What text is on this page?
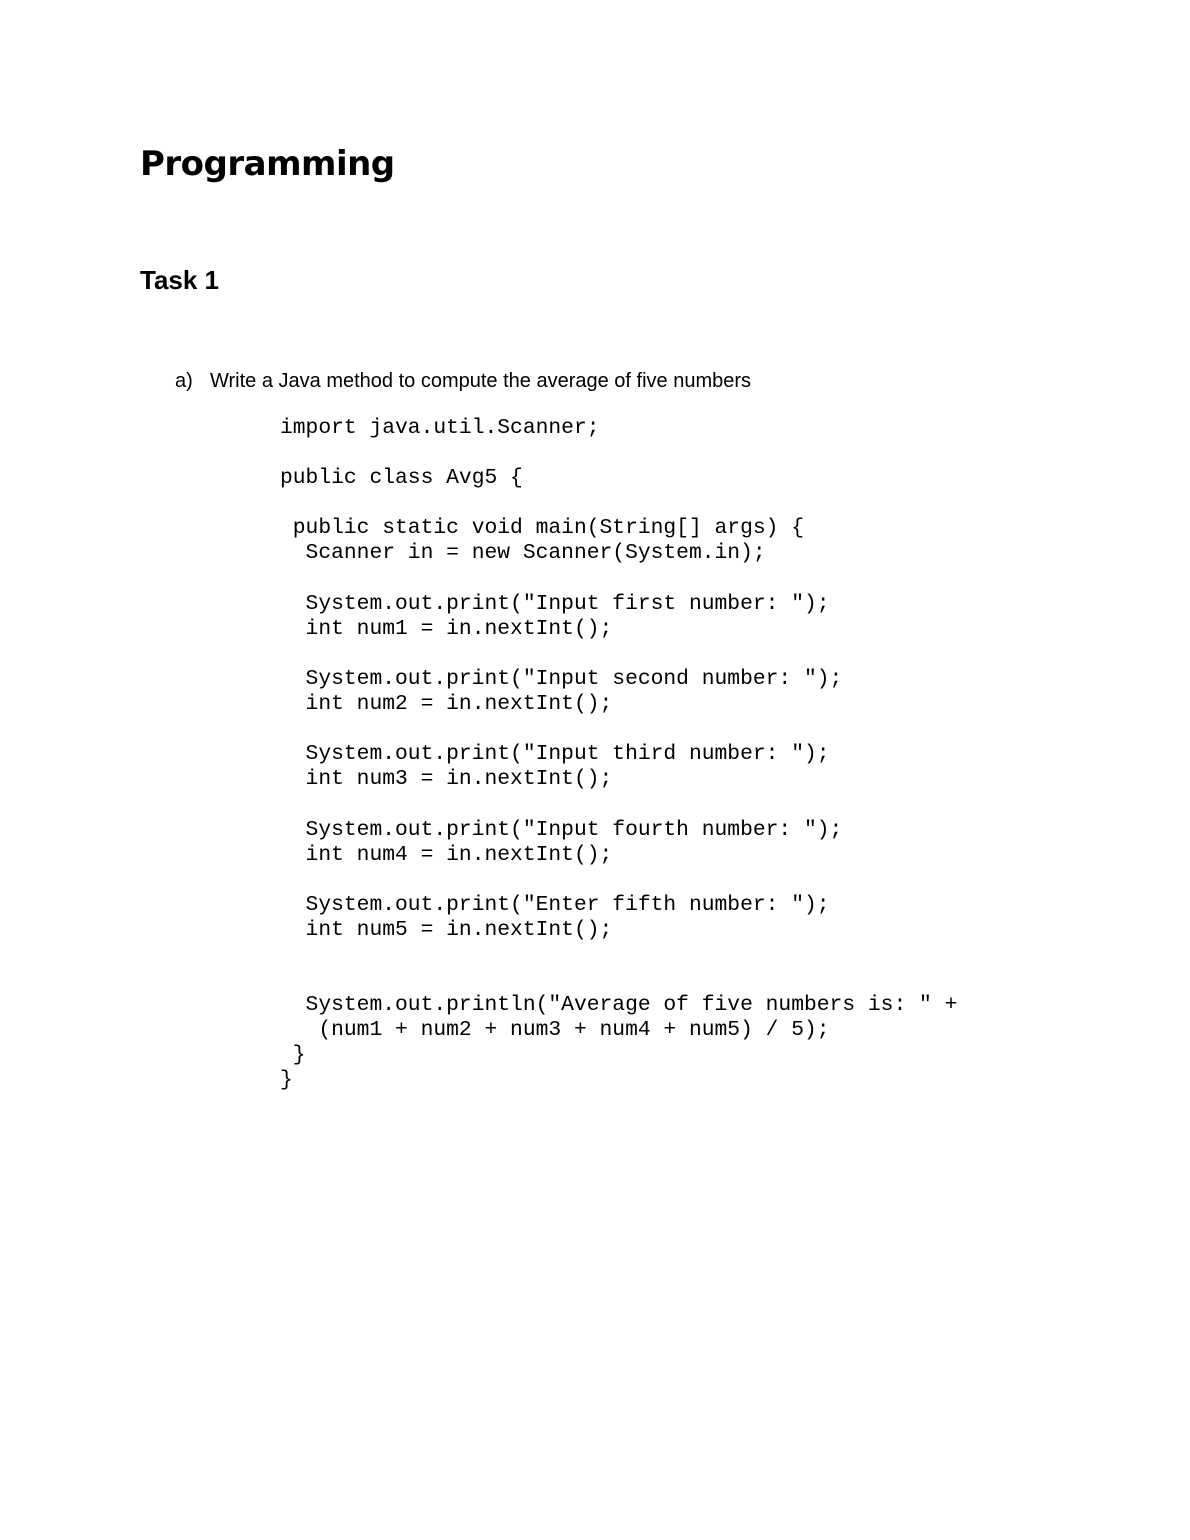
Programming
Task 1
a) Write a Java method to compute the average of five numbers
import java.util.Scanner;
public class Avg5 {
public static void main(String[] args) {
Scanner in = new Scanner(System.in);
System.out.print("Input first number: ");
int num1 = in.nextInt();
System.out.print("Input second number: ");
int num2 = in.nextInt();
System.out.print("Input third number: ");
int num3 = in.nextInt();
System.out.print("Input fourth number: ");
int num4 = in.nextInt();
System.out.print("Enter fifth number: ");
int num5 = in.nextInt();
System.out.println("Average of five numbers is: " +
(num1 + num2 + num3 + num4 + num5) / 5);
}
}
